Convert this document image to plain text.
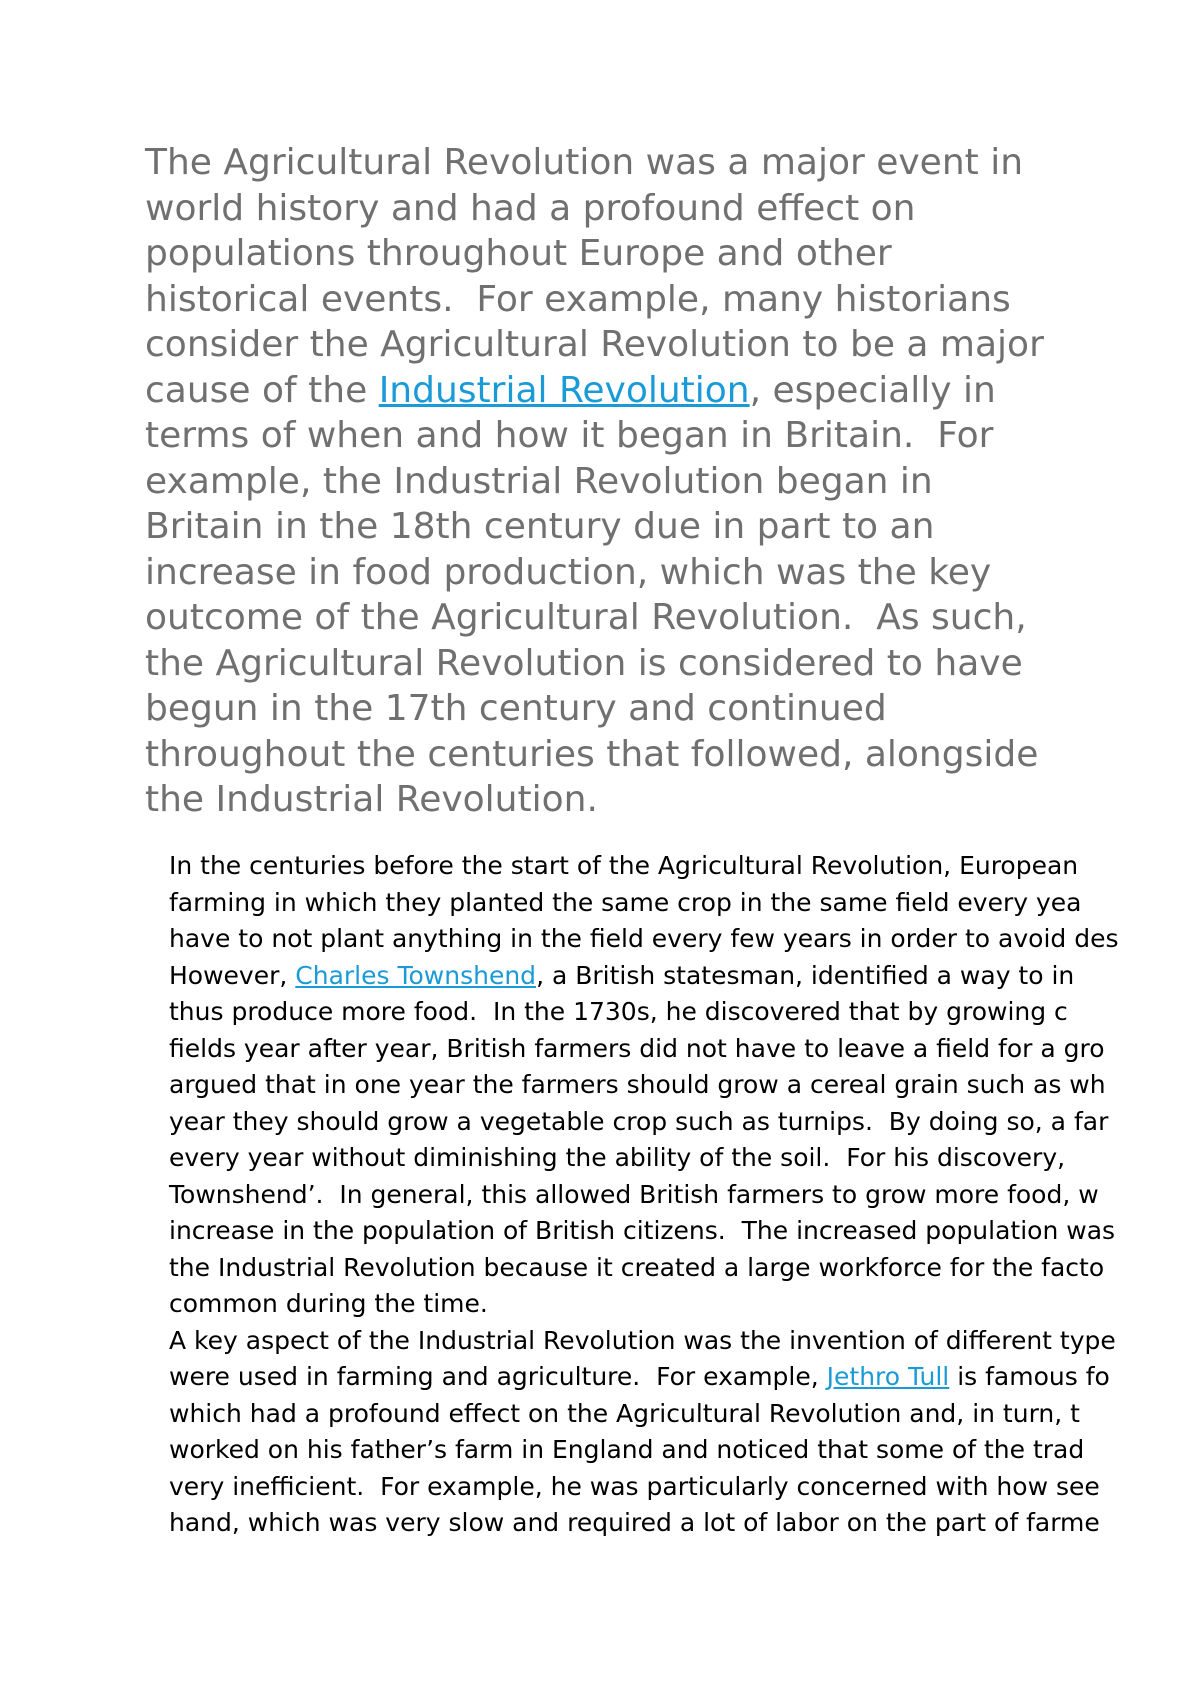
The Agricultural Revolution was a major event in
world history and had a profound effect on
populations throughout Europe and other
historical events.  For example, many historians
consider the Agricultural Revolution to be a major
cause of the Industrial Revolution, especially in
terms of when and how it began in Britain.  For
example, the Industrial Revolution began in
Britain in the 18th century due in part to an
increase in food production, which was the key
outcome of the Agricultural Revolution.  As such,
the Agricultural Revolution is considered to have
begun in the 17th century and continued
throughout the centuries that followed, alongside
the Industrial Revolution.

In the centuries before the start of the Agricultural Revolution, European
farming in which they planted the same crop in the same field every yea
have to not plant anything in the field every few years in order to avoid des
However, Charles Townshend, a British statesman, identified a way to in
thus produce more food.  In the 1730s, he discovered that by growing c
fields year after year, British farmers did not have to leave a field for a gro
argued that in one year the farmers should grow a cereal grain such as wh
year they should grow a vegetable crop such as turnips.  By doing so, a far
every year without diminishing the ability of the soil.  For his discovery,
Townshend’.  In general, this allowed British farmers to grow more food, w
increase in the population of British citizens.  The increased population was
the Industrial Revolution because it created a large workforce for the facto
common during the time.
A key aspect of the Industrial Revolution was the invention of different type
were used in farming and agriculture.  For example, Jethro Tull is famous fo
which had a profound effect on the Agricultural Revolution and, in turn, t
worked on his father’s farm in England and noticed that some of the trad
very inefficient.  For example, he was particularly concerned with how see
hand, which was very slow and required a lot of labor on the part of farme
